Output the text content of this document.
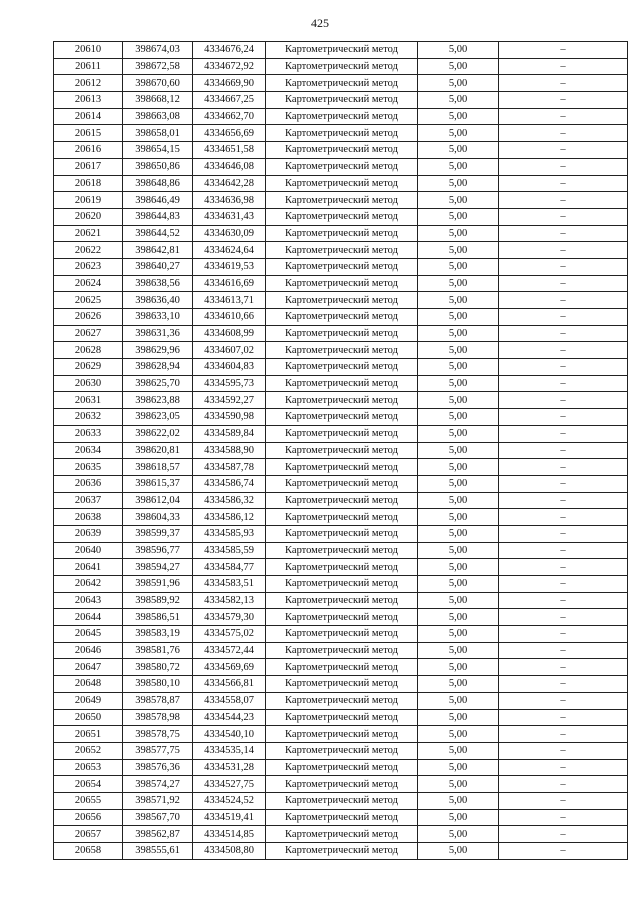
425
20610	398674,03	4334676,24	Картометрический метод	5,00	–
20611	398672,58	4334672,92	Картометрический метод	5,00	–
20612	398670,60	4334669,90	Картометрический метод	5,00	–
20613	398668,12	4334667,25	Картометрический метод	5,00	–
20614	398663,08	4334662,70	Картометрический метод	5,00	–
20615	398658,01	4334656,69	Картометрический метод	5,00	–
20616	398654,15	4334651,58	Картометрический метод	5,00	–
20617	398650,86	4334646,08	Картометрический метод	5,00	–
20618	398648,86	4334642,28	Картометрический метод	5,00	–
20619	398646,49	4334636,98	Картометрический метод	5,00	–
20620	398644,83	4334631,43	Картометрический метод	5,00	–
20621	398644,52	4334630,09	Картометрический метод	5,00	–
20622	398642,81	4334624,64	Картометрический метод	5,00	–
20623	398640,27	4334619,53	Картометрический метод	5,00	–
20624	398638,56	4334616,69	Картометрический метод	5,00	–
20625	398636,40	4334613,71	Картометрический метод	5,00	–
20626	398633,10	4334610,66	Картометрический метод	5,00	–
20627	398631,36	4334608,99	Картометрический метод	5,00	–
20628	398629,96	4334607,02	Картометрический метод	5,00	–
20629	398628,94	4334604,83	Картометрический метод	5,00	–
20630	398625,70	4334595,73	Картометрический метод	5,00	–
20631	398623,88	4334592,27	Картометрический метод	5,00	–
20632	398623,05	4334590,98	Картометрический метод	5,00	–
20633	398622,02	4334589,84	Картометрический метод	5,00	–
20634	398620,81	4334588,90	Картометрический метод	5,00	–
20635	398618,57	4334587,78	Картометрический метод	5,00	–
20636	398615,37	4334586,74	Картометрический метод	5,00	–
20637	398612,04	4334586,32	Картометрический метод	5,00	–
20638	398604,33	4334586,12	Картометрический метод	5,00	–
20639	398599,37	4334585,93	Картометрический метод	5,00	–
20640	398596,77	4334585,59	Картометрический метод	5,00	–
20641	398594,27	4334584,77	Картометрический метод	5,00	–
20642	398591,96	4334583,51	Картометрический метод	5,00	–
20643	398589,92	4334582,13	Картометрический метод	5,00	–
20644	398586,51	4334579,30	Картометрический метод	5,00	–
20645	398583,19	4334575,02	Картометрический метод	5,00	–
20646	398581,76	4334572,44	Картометрический метод	5,00	–
20647	398580,72	4334569,69	Картометрический метод	5,00	–
20648	398580,10	4334566,81	Картометрический метод	5,00	–
20649	398578,87	4334558,07	Картометрический метод	5,00	–
20650	398578,98	4334544,23	Картометрический метод	5,00	–
20651	398578,75	4334540,10	Картометрический метод	5,00	–
20652	398577,75	4334535,14	Картометрический метод	5,00	–
20653	398576,36	4334531,28	Картометрический метод	5,00	–
20654	398574,27	4334527,75	Картометрический метод	5,00	–
20655	398571,92	4334524,52	Картометрический метод	5,00	–
20656	398567,70	4334519,41	Картометрический метод	5,00	–
20657	398562,87	4334514,85	Картометрический метод	5,00	–
20658	398555,61	4334508,80	Картометрический метод	5,00	–
